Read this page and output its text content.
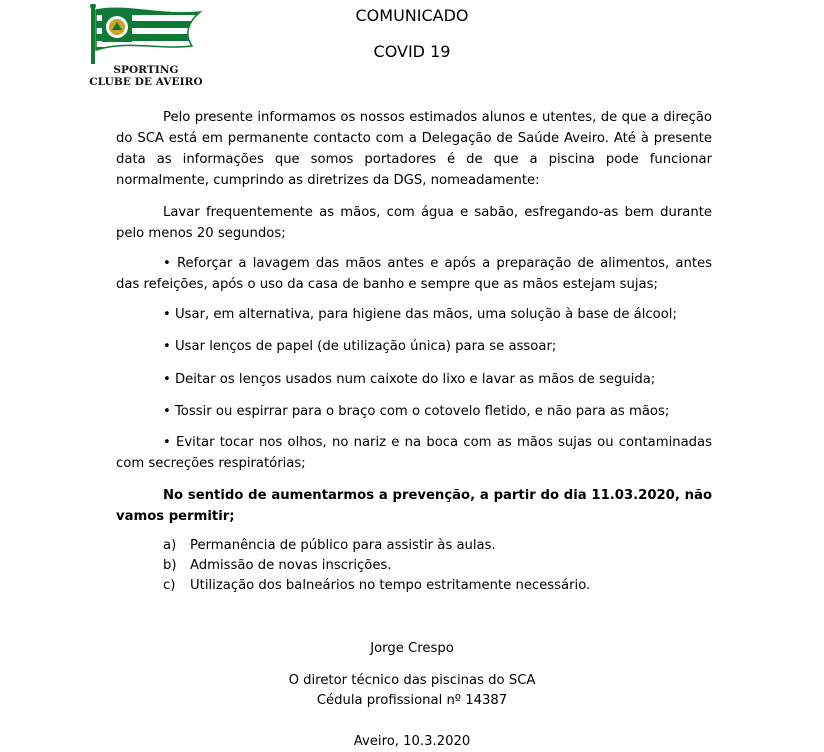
SPORTING
CLUBE DE AVEIRO
COMUNICADO
COVID 19
Pelo presente informamos os nossos estimados alunos e utentes, de que a direção do SCA está em permanente contacto com a Delegação de Saúde Aveiro. Até à presente data as informações que somos portadores é de que a piscina pode funcionar normalmente, cumprindo as diretrizes da DGS, nomeadamente:
Lavar frequentemente as mãos, com água e sabão, esfregando-as bem durante pelo menos 20 segundos;
• Reforçar a lavagem das mãos antes e após a preparação de alimentos, antes das refeições, após o uso da casa de banho e sempre que as mãos estejam sujas;
• Usar, em alternativa, para higiene das mãos, uma solução à base de álcool;
• Usar lenços de papel (de utilização única) para se assoar;
• Deitar os lenços usados num caixote do lixo e lavar as mãos de seguida;
• Tossir ou espirrar para o braço com o cotovelo fletido, e não para as mãos;
• Evitar tocar nos olhos, no nariz e na boca com as mãos sujas ou contaminadas com secreções respiratórias;
No sentido de aumentarmos a prevenção, a partir do dia 11.03.2020, não vamos permitir;
a) Permanência de público para assistir às aulas.
b) Admissão de novas inscrições.
c) Utilização dos balneários no tempo estritamente necessário.
Jorge Crespo
O diretor técnico das piscinas do SCA
Cédula profissional nº 14387
Aveiro, 10.3.2020
